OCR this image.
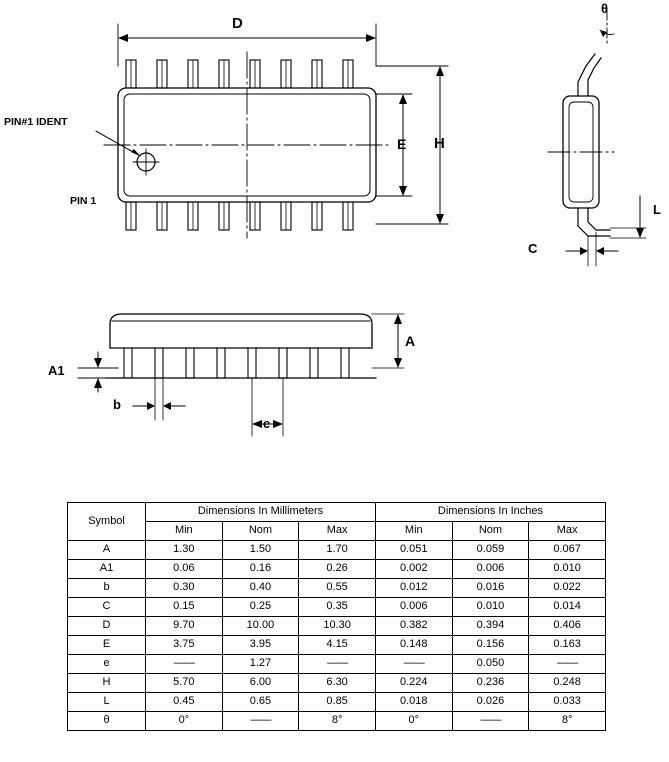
D
E H
θ
PIN#1 IDENT
PIN 1
L
C
A
A1
b
e
Symbol	Dimensions In Millimeters			Dimensions In Inches		
	Min	Nom	Max	Min	Nom	Max
A	1.30	1.50	1.70	0.051	0.059	0.067
A1	0.06	0.16	0.26	0.002	0.006	0.010
b	0.30	0.40	0.55	0.012	0.016	0.022
C	0.15	0.25	0.35	0.006	0.010	0.014
D	9.70	10.00	10.30	0.382	0.394	0.406
E	3.75	3.95	4.15	0.148	0.156	0.163
e	——	1.27	——	——	0.050	——
H	5.70	6.00	6.30	0.224	0.236	0.248
L	0.45	0.65	0.85	0.018	0.026	0.033
θ	0°	——	8°	0°	——	8°
